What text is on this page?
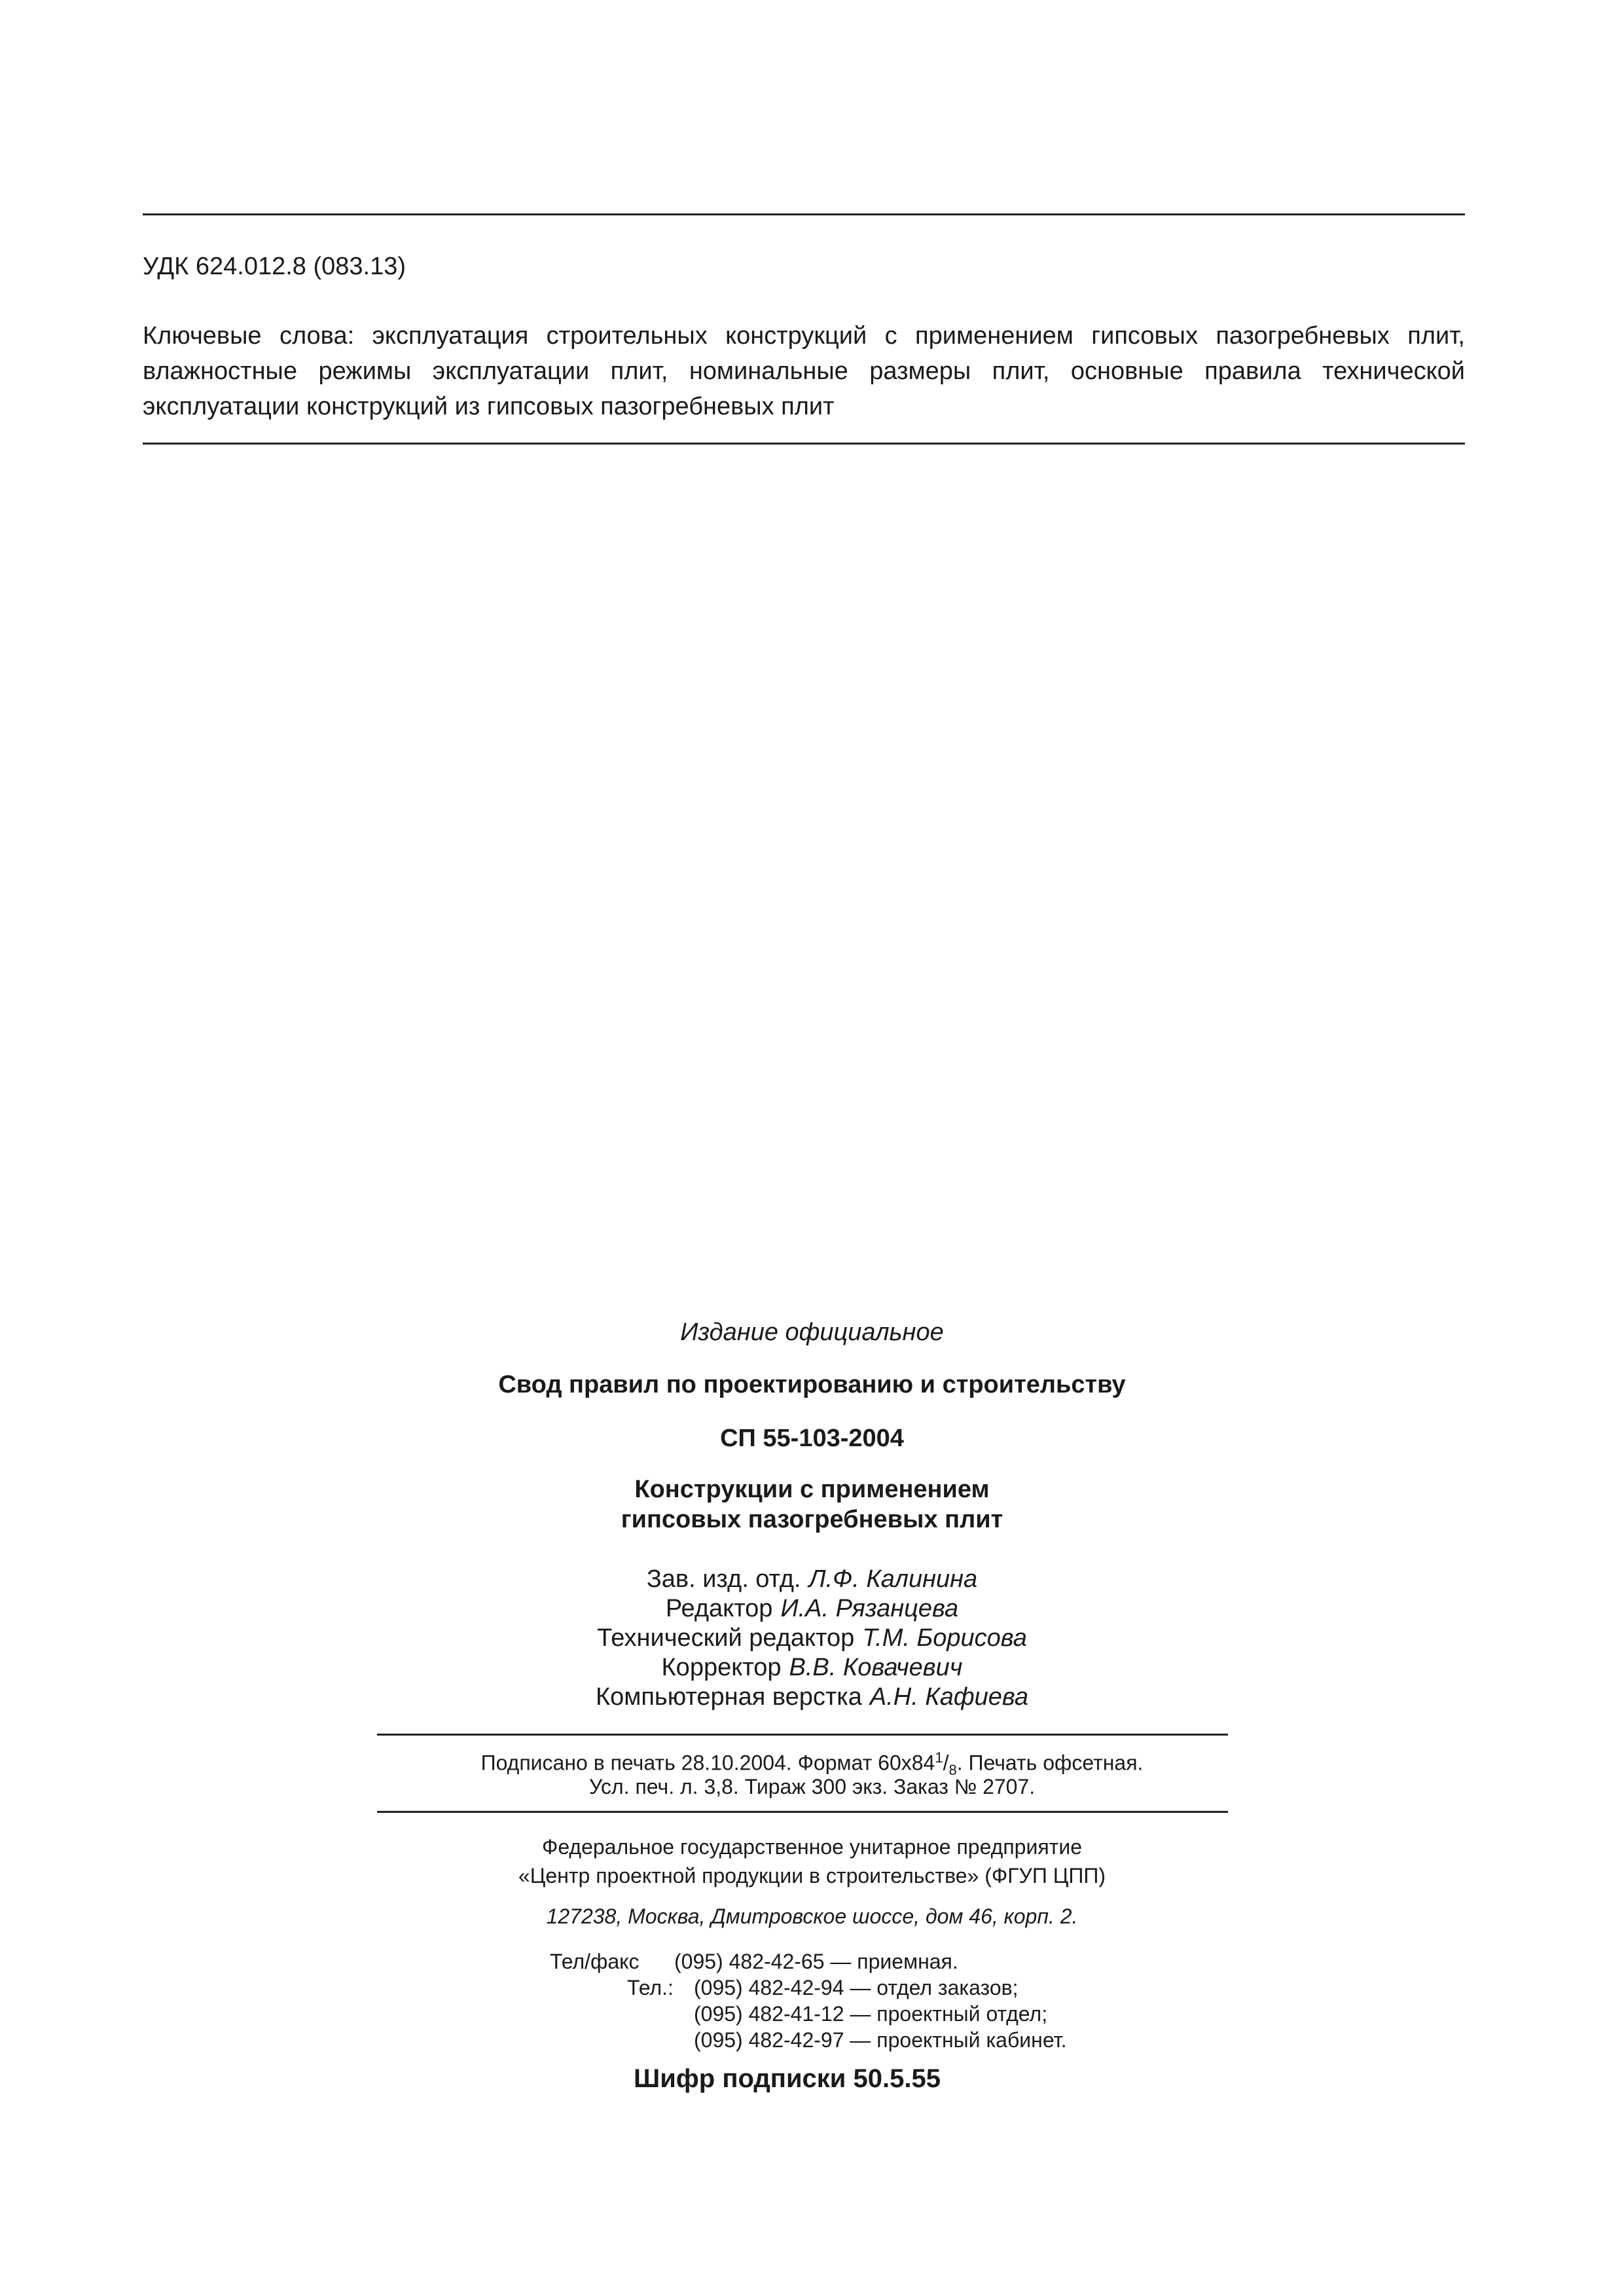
УДК 624.012.8 (083.13)
Ключевые слова: эксплуатация строительных конструкций с применением гипсовых пазогребневых плит, влажностные режимы эксплуатации плит, номинальные размеры плит, основные правила технической эксплуатации конструкций из гипсовых пазогребневых плит
Издание официальное
Свод правил по проектированию и строительству
СП 55-103-2004
Конструкции с применением
гипсовых пазогребневых плит
Зав. изд. отд. Л.Ф. Калинина
Редактор И.А. Рязанцева
Технический редактор Т.М. Борисова
Корректор В.В. Ковачевич
Компьютерная верстка А.Н. Кафиева
Подписано в печать 28.10.2004. Формат $60х84^1/_8$. Печать офсетная.
Усл. печ. л. 3,8. Тираж 300 экз. Заказ № 2707.
Федеральное государственное унитарное предприятие
«Центр проектной продукции в строительстве» (ФГУП ЦПП)
127238, Москва, Дмитровское шоссе, дом 46, корп. 2.
Тел/факс (095) 482-42-65 — приемная.
Тел.: (095) 482-42-94 — отдел заказов;
(095) 482-41-12 — проектный отдел;
(095) 482-42-97 — проектный кабинет.
Шифр подписки 50.5.55
